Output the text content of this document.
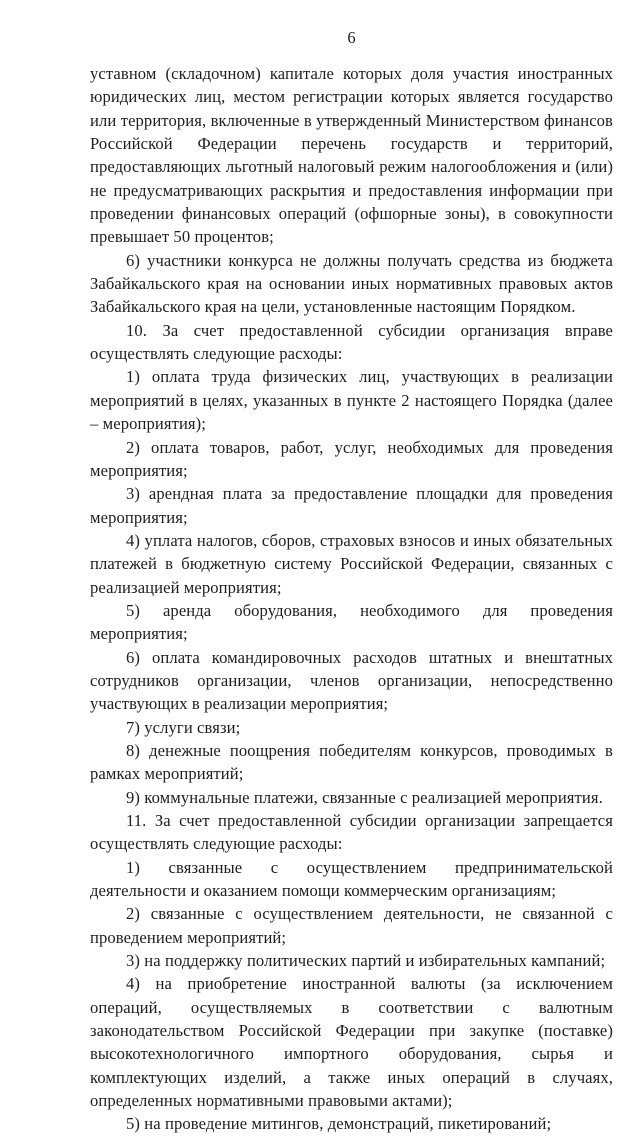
6

уставном (складочном) капитале которых доля участия иностранных юридических лиц, местом регистрации которых является государство или территория, включенные в утвержденный Министерством финансов Российской Федерации перечень государств и территорий, предоставляющих льготный налоговый режим налогообложения и (или) не предусматривающих раскрытия и предоставления информации при проведении финансовых операций (офшорные зоны), в совокупности превышает 50 процентов;

6) участники конкурса не должны получать средства из бюджета Забайкальского края на основании иных нормативных правовых актов Забайкальского края на цели, установленные настоящим Порядком.

10. За счет предоставленной субсидии организация вправе осуществлять следующие расходы:

1) оплата труда физических лиц, участвующих в реализации мероприятий в целях, указанных в пункте 2 настоящего Порядка (далее – мероприятия);

2) оплата товаров, работ, услуг, необходимых для проведения мероприятия;

3) арендная плата за предоставление площадки для проведения мероприятия;

4) уплата налогов, сборов, страховых взносов и иных обязательных платежей в бюджетную систему Российской Федерации, связанных с реализацией мероприятия;

5) аренда оборудования, необходимого для проведения мероприятия;

6) оплата командировочных расходов штатных и внештатных сотрудников организации, членов организации, непосредственно участвующих в реализации мероприятия;

7) услуги связи;

8) денежные поощрения победителям конкурсов, проводимых в рамках мероприятий;

9) коммунальные платежи, связанные с реализацией мероприятия.

11. За счет предоставленной субсидии организации запрещается осуществлять следующие расходы:

1) связанные с осуществлением предпринимательской деятельности и оказанием помощи коммерческим организациям;

2) связанные с осуществлением деятельности, не связанной с проведением мероприятий;

3) на поддержку политических партий и избирательных кампаний;

4) на приобретение иностранной валюты (за исключением операций, осуществляемых в соответствии с валютным законодательством Российской Федерации при закупке (поставке) высокотехнологичного импортного оборудования, сырья и комплектующих изделий, а также иных операций в случаях, определенных нормативными правовыми актами);

5) на проведение митингов, демонстраций, пикетирований;
